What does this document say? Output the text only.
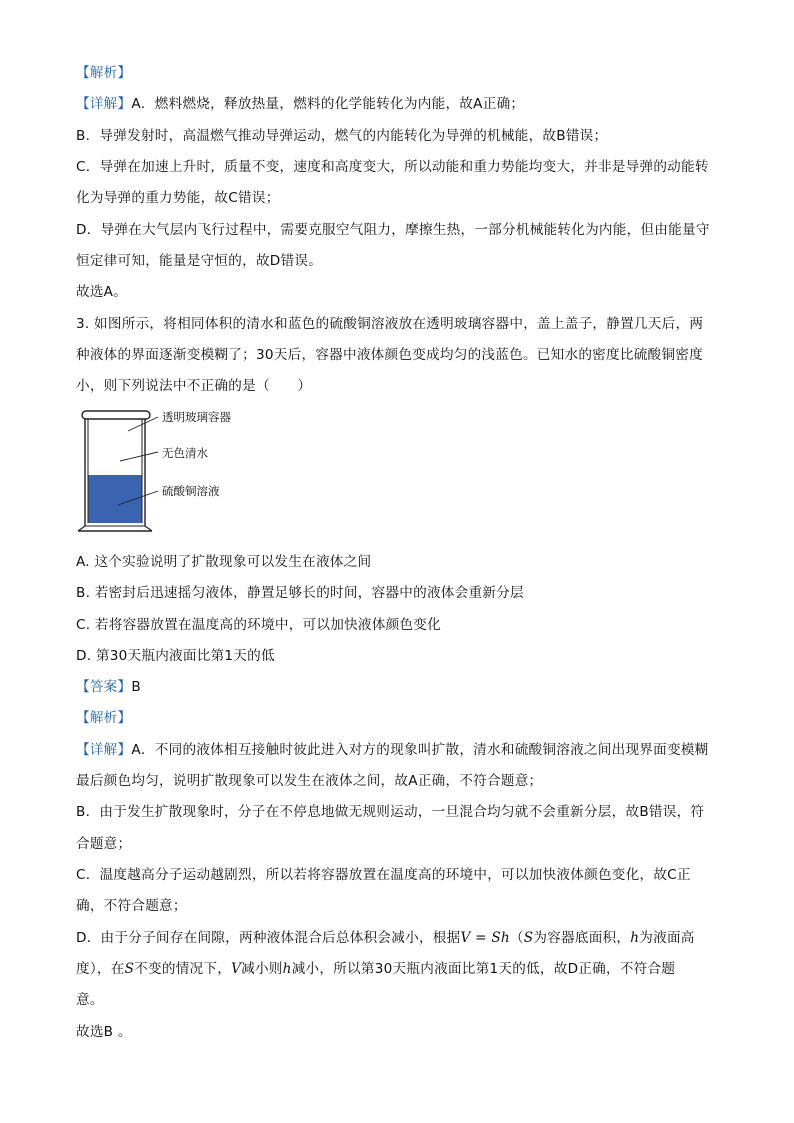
【解析】
【详解】A．燃料燃烧，释放热量，燃料的化学能转化为内能，故A正确；
B．导弹发射时，高温燃气推动导弹运动，燃气的内能转化为导弹的机械能，故B错误；
C．导弹在加速上升时，质量不变，速度和高度变大，所以动能和重力势能均变大，并非是导弹的动能转
化为导弹的重力势能，故C错误；
D．导弹在大气层内飞行过程中，需要克服空气阻力，摩擦生热，一部分机械能转化为内能，但由能量守
恒定律可知，能量是守恒的，故D错误。
故选A。
3. 如图所示，将相同体积的清水和蓝色的硫酸铜溶液放在透明玻璃容器中，盖上盖子，静置几天后，两
种液体的界面逐渐变模糊了；30天后，容器中液体颜色变成均匀的浅蓝色。已知水的密度比硫酸铜密度
小，则下列说法中不正确的是（　　）
透明玻璃容器
无色清水
硫酸铜溶液
A. 这个实验说明了扩散现象可以发生在液体之间
B. 若密封后迅速摇匀液体，静置足够长的时间，容器中的液体会重新分层
C. 若将容器放置在温度高的环境中，可以加快液体颜色变化
D. 第30天瓶内液面比第1天的低
【答案】B
【解析】
【详解】A．不同的液体相互接触时彼此进入对方的现象叫扩散，清水和硫酸铜溶液之间出现界面变模糊
最后颜色均匀，说明扩散现象可以发生在液体之间，故A正确，不符合题意；
B．由于发生扩散现象时，分子在不停息地做无规则运动，一旦混合均匀就不会重新分层，故B错误，符
合题意；
C．温度越高分子运动越剧烈，所以若将容器放置在温度高的环境中，可以加快液体颜色变化，故C正
确，不符合题意；
D．由于分子间存在间隙，两种液体混合后总体积会减小，根据V = Sh（S为容器底面积，h为液面高
度），在S不变的情况下，V减小则h减小，所以第30天瓶内液面比第1天的低，故D正确，不符合题
意。
故选B 。
